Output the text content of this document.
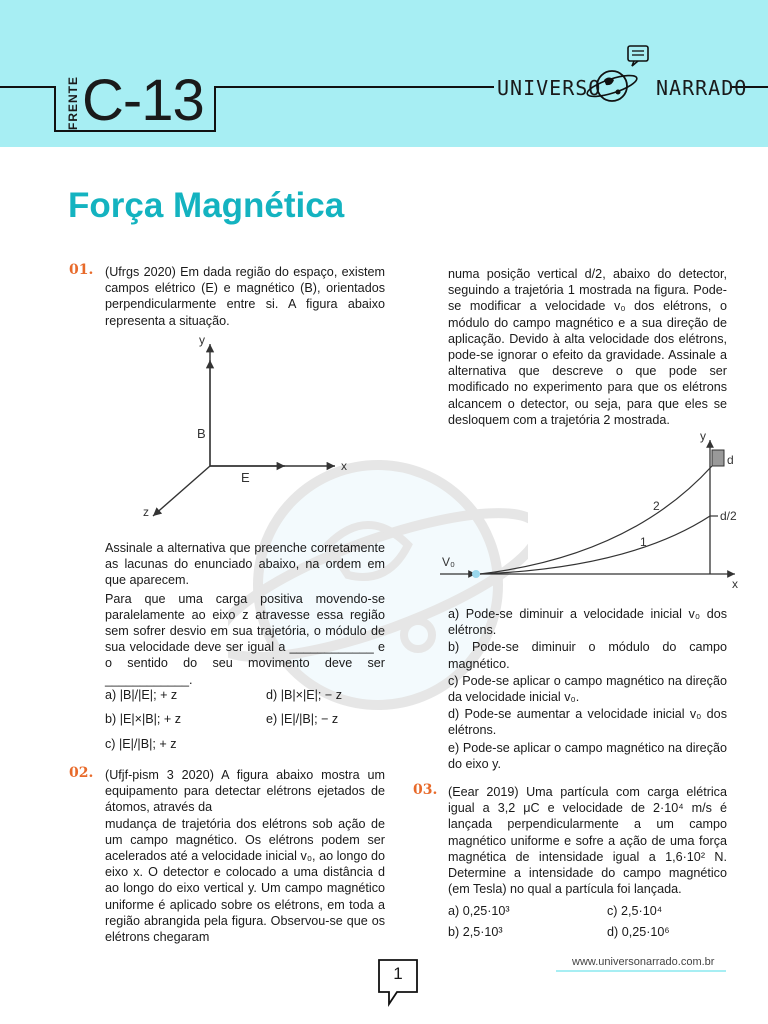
FRENTE C-13	UNIVERSO	NARRADO
Força Magnética
01. (Ufrgs 2020) Em dada região do espaço, existem campos elétrico (E) e magnético (B), orientados perpendicularmente entre si. A figura abaixo representa a situação.

y
x
z
B
E

Assinale a alternativa que preenche corretamente as lacunas do enunciado abaixo, na ordem em que aparecem.

Para que uma carga positiva movendo-se paralelamente ao eixo z atravesse essa região sem sofrer desvio em sua trajetória, o módulo de sua velocidade deve ser igual a ____________ e o sentido do seu movimento deve ser ____________.

a) |B|/|E|; + z	d) |B|×|E|; − z
b) |E|×|B|; + z	e) |E|/|B|; − z
c) |E|/|B|; + z
02. (Ufjf-pism 3 2020) A figura abaixo mostra um equipamento para detectar elétrons ejetados de átomos, através da

mudança de trajetória dos elétrons sob ação de um campo magnético. Os elétrons podem ser acelerados até a velocidade inicial v₀, ao longo do eixo x. O detector e colocado a uma distância d ao longo do eixo vertical y. Um campo magnético uniforme é aplicado sobre os elétrons, em toda a região abrangida pela figura. Observou-se que os elétrons chegaram

numa posição vertical d/2, abaixo do detector, seguindo a trajetória 1 mostrada na figura. Pode-se modificar a velocidade v₀ dos elétrons, o módulo do campo magnético e a sua direção de aplicação. Devido à alta velocidade dos elétrons, pode-se ignorar o efeito da gravidade. Assinale a alternativa que descreve o que pode ser modificado no experimento para que os elétrons alcancem o detector, ou seja, para que eles se desloquem com a trajetória 2 mostrada.

y
x
d
d/2
V₀
2
1

a) Pode-se diminuir a velocidade inicial v₀ dos elétrons.

b) Pode-se diminuir o módulo do campo magnético.

c) Pode-se aplicar o campo magnético na direção da velocidade inicial v₀.

d) Pode-se aumentar a velocidade inicial v₀ dos elétrons.

e) Pode-se aplicar o campo magnético na direção do eixo y.

03. (Eear 2019) Uma partícula com carga elétrica igual a 3,2 μC e velocidade de 2·10⁴ m/s é lançada perpendicularmente a um campo magnético uniforme e sofre a ação de uma força magnética de intensidade igual a 1,6·10² N. Determine a intensidade do campo magnético (em Tesla) no qual a partícula foi lançada.

a) 0,25·10³	c) 2,5·10⁴
b) 2,5·10³	d) 0,25·10⁶
www.universonarrado.com.br
1
